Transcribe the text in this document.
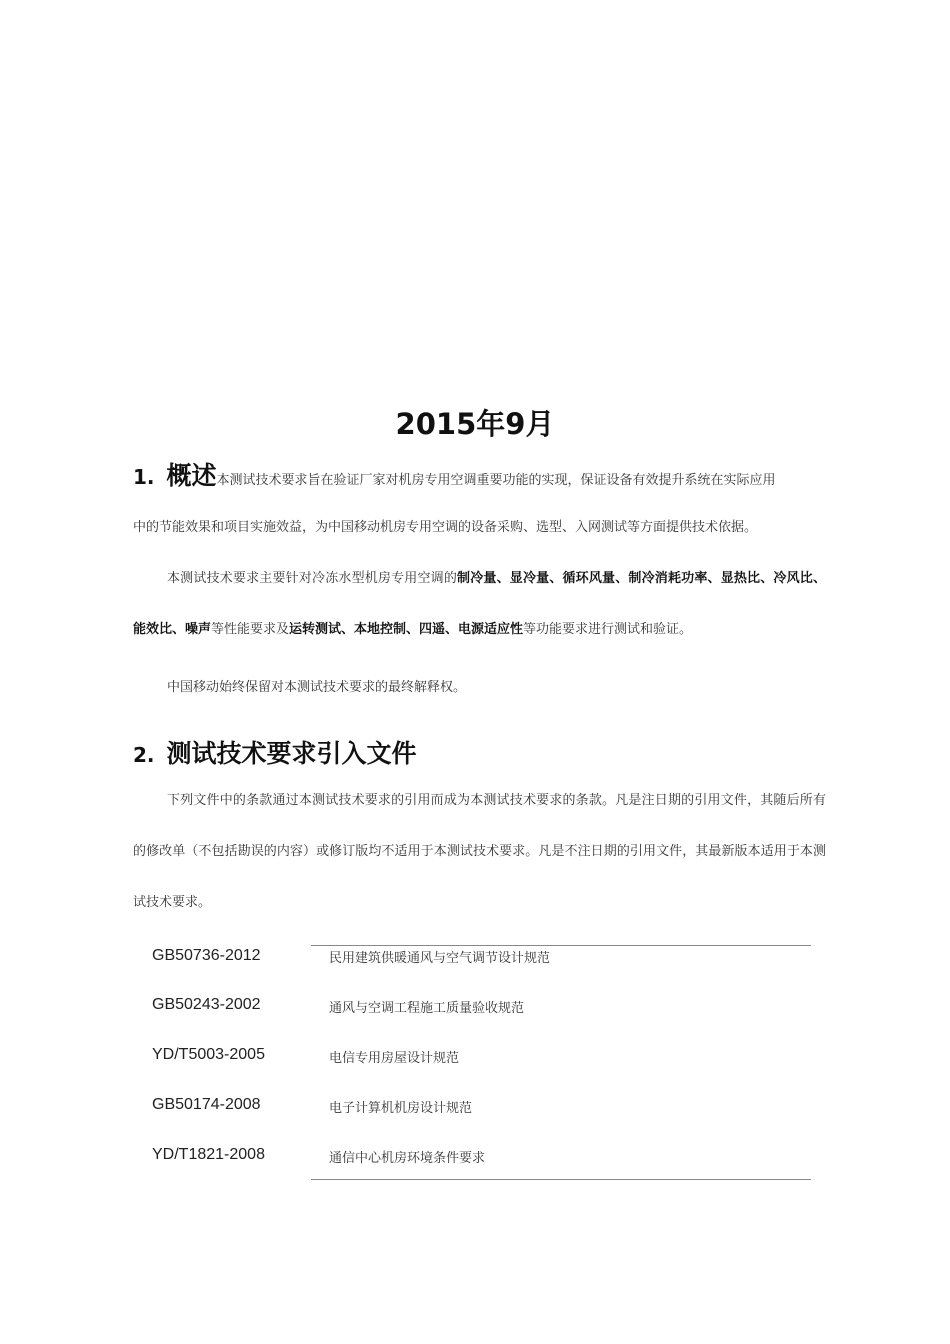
2015年9月
1. 概述本测试技术要求旨在验证厂家对机房专用空调重要功能的实现，保证设备有效提升系统在实际应用
中的节能效果和项目实施效益，为中国移动机房专用空调的设备采购、选型、入网测试等方面提供技术依据。
本测试技术要求主要针对冷冻水型机房专用空调的制冷量、显冷量、循环风量、制冷消耗功率、显热比、冷风比、能效比、噪声等性能要求及运转测试、本地控制、四遥、电源适应性等功能要求进行测试和验证。
中国移动始终保留对本测试技术要求的最终解释权。
2. 测试技术要求引入文件
下列文件中的条款通过本测试技术要求的引用而成为本测试技术要求的条款。凡是注日期的引用文件，其随后所有的修改单（不包括勘误的内容）或修订版均不适用于本测试技术要求。凡是不注日期的引用文件，其最新版本适用于本测试技术要求。
GB50736-2012	民用建筑供暖通风与空气调节设计规范
GB50243-2002	通风与空调工程施工质量验收规范
YD/T5003-2005	电信专用房屋设计规范
GB50174-2008	电子计算机机房设计规范
YD/T1821-2008	通信中心机房环境条件要求
